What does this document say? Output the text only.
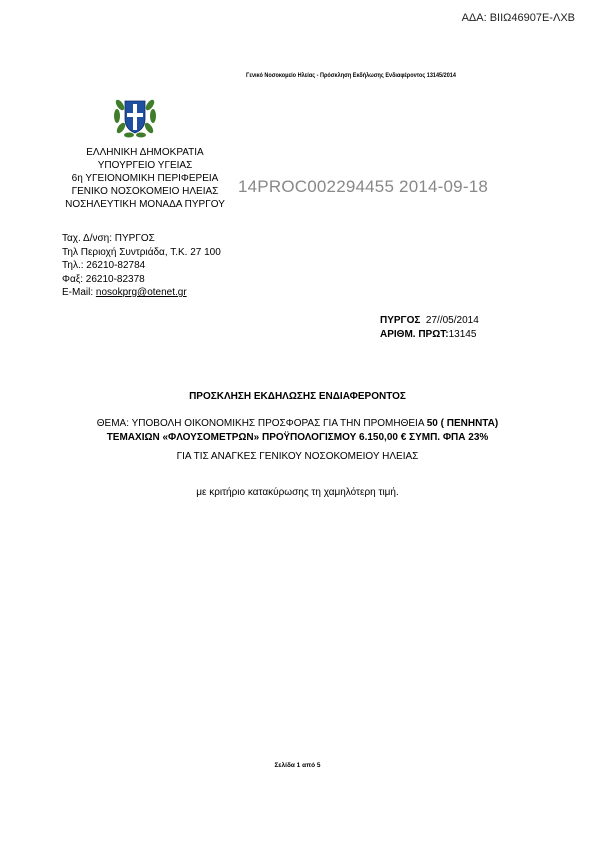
ΑΔΑ: ΒΙΙΩ46907Ε-ΛΧΒ
Γενικό Νοσοκομείο Ηλείας - Πρόσκληση Εκδήλωσης Ενδιαφέροντος 13145/2014
ΕΛΛΗΝΙΚΗ ΔΗΜΟΚΡΑΤΙΑ
ΥΠΟΥΡΓΕΙΟ ΥΓΕΙΑΣ
6η ΥΓΕΙΟΝΟΜΙΚΗ ΠΕΡΙΦΕΡΕΙΑ
ΓΕΝΙΚΟ ΝΟΣΟΚΟΜΕΙΟ ΗΛΕΙΑΣ
ΝΟΣΗΛΕΥΤΙΚΗ ΜΟΝΑΔΑ ΠΥΡΓΟΥ
14PROC002294455 2014-09-18
Ταχ. Δ/νση: ΠΥΡΓΟΣ
Τηλ Περιοχή Συντριάδα, Τ.Κ. 27 100
Τηλ.: 26210-82784
Φαξ: 26210-82378
E-Mail: nosokprg@otenet.gr
ΠΥΡΓΟΣ 27//05/2014
ΑΡΙΘΜ. ΠΡΩΤ:13145
ΠΡΟΣΚΛΗΣΗ ΕΚΔΗΛΩΣΗΣ ΕΝΔΙΑΦΕΡΟΝΤΟΣ
ΘΕΜΑ: ΥΠΟΒΟΛΗ ΟΙΚΟΝΟΜΙΚΗΣ ΠΡΟΣΦΟΡΑΣ ΓΙΑ ΤΗΝ ΠΡΟΜΗΘΕΙΑ 50 ( ΠΕΝΗΝΤΑ)
ΤΕΜΑΧΙΩΝ «ΦΛΟΥΣΟΜΕΤΡΩΝ» ΠΡΟΫΠΟΛΟΓΙΣΜΟΥ 6.150,00 € ΣΥΜΠ. ΦΠΑ 23%
ΓΙΑ ΤΙΣ ΑΝΑΓΚΕΣ ΓΕΝΙΚΟΥ ΝΟΣΟΚΟΜΕΙΟΥ ΗΛΕΙΑΣ
με κριτήριο κατακύρωσης τη χαμηλότερη τιμή.
Σελίδα 1 από 5
